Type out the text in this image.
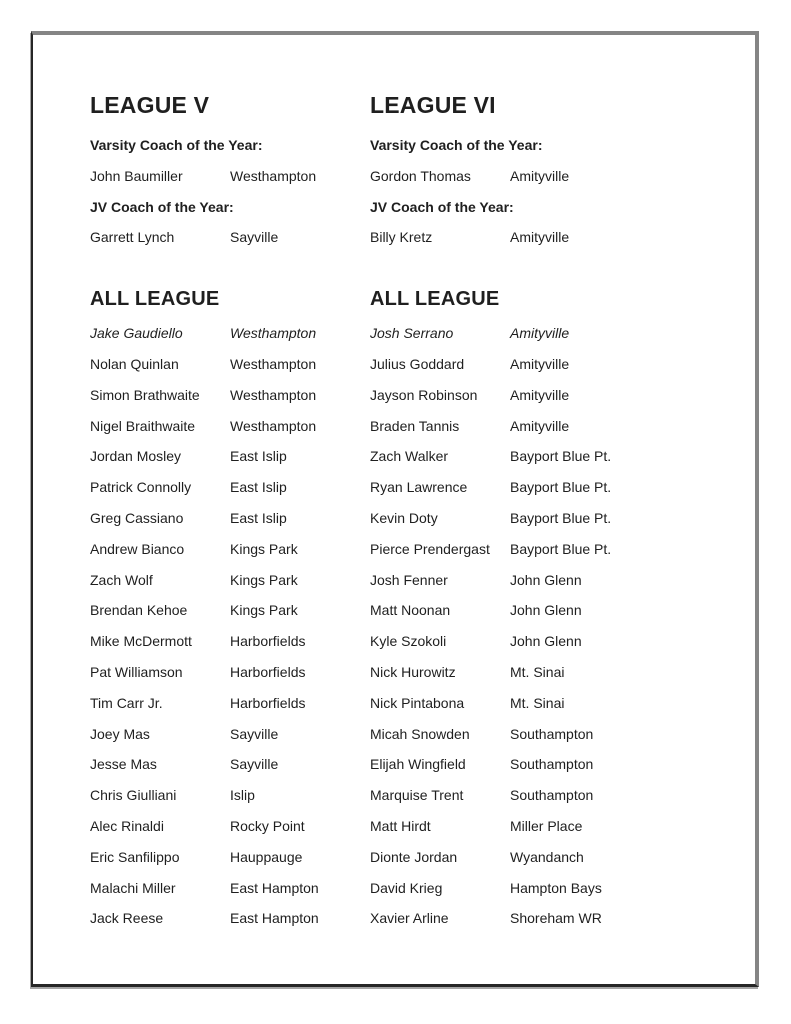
LEAGUE V

Varsity Coach of the Year:

John Baumiller	Westhampton

JV Coach of the Year:

Garrett Lynch	Sayville
ALL LEAGUE
Jake Gaudiello	Westhampton
Nolan Quinlan	Westhampton
Simon Brathwaite	Westhampton
Nigel Braithwaite	Westhampton
Jordan Mosley	East Islip
Patrick Connolly	East Islip
Greg Cassiano	East Islip
Andrew Bianco	Kings Park
Zach Wolf	Kings Park
Brendan Kehoe	Kings Park
Mike McDermott	Harborfields
Pat Williamson	Harborfields
Tim Carr Jr.	Harborfields
Joey Mas	Sayville
Jesse Mas	Sayville
Chris Giulliani	Islip
Alec Rinaldi	Rocky Point
Eric Sanfilippo	Hauppauge
Malachi Miller	East Hampton
Jack Reese	East Hampton
LEAGUE VI

Varsity Coach of the Year:

Gordon Thomas	Amityville

JV Coach of the Year:

Billy Kretz	Amityville
ALL LEAGUE
Josh Serrano	Amityville
Julius Goddard	Amityville
Jayson Robinson	Amityville
Braden Tannis	Amityville
Zach Walker	Bayport Blue Pt.
Ryan Lawrence	Bayport Blue Pt.
Kevin Doty	Bayport Blue Pt.
Pierce Prendergast	Bayport Blue Pt.
Josh Fenner	John Glenn
Matt Noonan	John Glenn
Kyle Szokoli	John Glenn
Nick Hurowitz	Mt. Sinai
Nick Pintabona	Mt. Sinai
Micah Snowden	Southampton
Elijah Wingfield	Southampton
Marquise Trent	Southampton
Matt Hirdt	Miller Place
Dionte Jordan	Wyandanch
David Krieg	Hampton Bays
Xavier Arline	Shoreham WR
